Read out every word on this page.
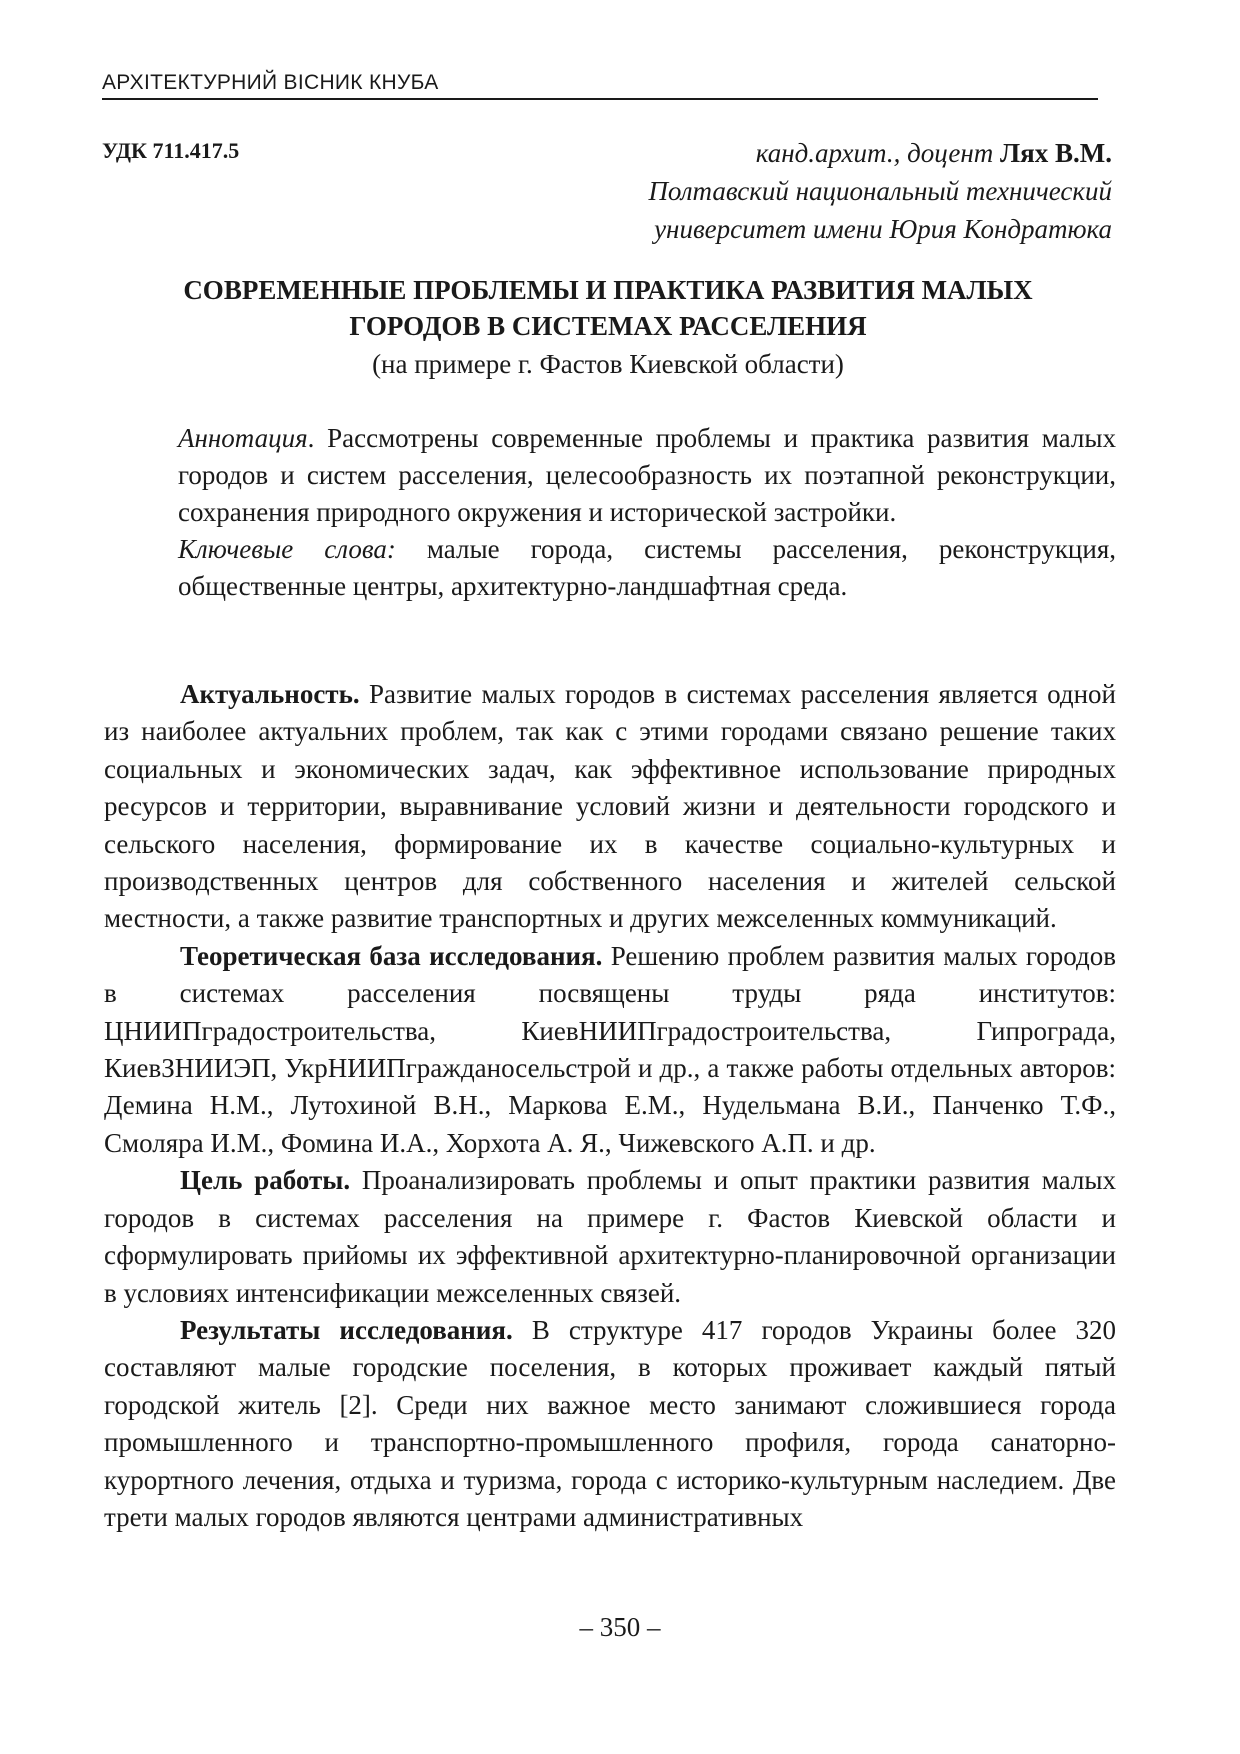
АРХІТЕКТУРНИЙ ВІСНИК КНУБА
УДК 711.417.5	канд.архит., доцент Лях В.М.
Полтавский национальный технический
университет имени Юрия Кондратюка
СОВРЕМЕННЫЕ ПРОБЛЕМЫ И ПРАКТИКА РАЗВИТИЯ МАЛЫХ
ГОРОДОВ В СИСТЕМАХ РАССЕЛЕНИЯ
(на примере г. Фастов Киевской области)
Аннотация. Рассмотрены современные проблемы и практика развития малых городов и систем расселения, целесообразность их поэтапной реконструкции, сохранения природного окружения и исторической застройки.
Ключевые слова: малые города, системы расселения, реконструкция, общественные центры, архитектурно-ландшафтная среда.

Актуальность. Развитие малых городов в системах расселения является одной из наиболее актуальних проблем, так как с этими городами связано решение таких социальных и экономических задач, как эффективное использование природных ресурсов и территории, выравнивание условий жизни и деятельности городского и сельского населения, формирование их в качестве социально-культурных и производственных центров для собственного населения и жителей сельской местности, а также развитие транспортных и других межселенных коммуникаций.

Теоретическая база исследования. Решению проблем развития малых городов в системах расселения посвящены труды ряда институтов: ЦНИИПградостроительства, КиевНИИПградостроительства, Гипрограда, КиевЗНИИЭП, УкрНИИПгражданосельстрой и др., а также работы отдельных авторов: Демина Н.М., Лутохиной В.Н., Маркова Е.М., Нудельмана В.И., Панченко Т.Ф., Смоляра И.М., Фомина И.А., Хорхота А. Я., Чижевского А.П. и др.

Цель работы. Проанализировать проблемы и опыт практики развития малых городов в системах расселения на примере г. Фастов Киевской области и сформулировать прийомы их эффективной архитектурно-планировочной организации в условиях интенсификации межселенных связей.

Результаты исследования. В структуре 417 городов Украины более 320 составляют малые городские поселения, в которых проживает каждый пятый городской житель [2]. Среди них важное место занимают сложившиеся города промышленного и транспортно-промышленного профиля, города санаторно-курортного лечения, отдыха и туризма, города с историко-культурным наследием. Две трети малых городов являются центрами административных

– 350 –
